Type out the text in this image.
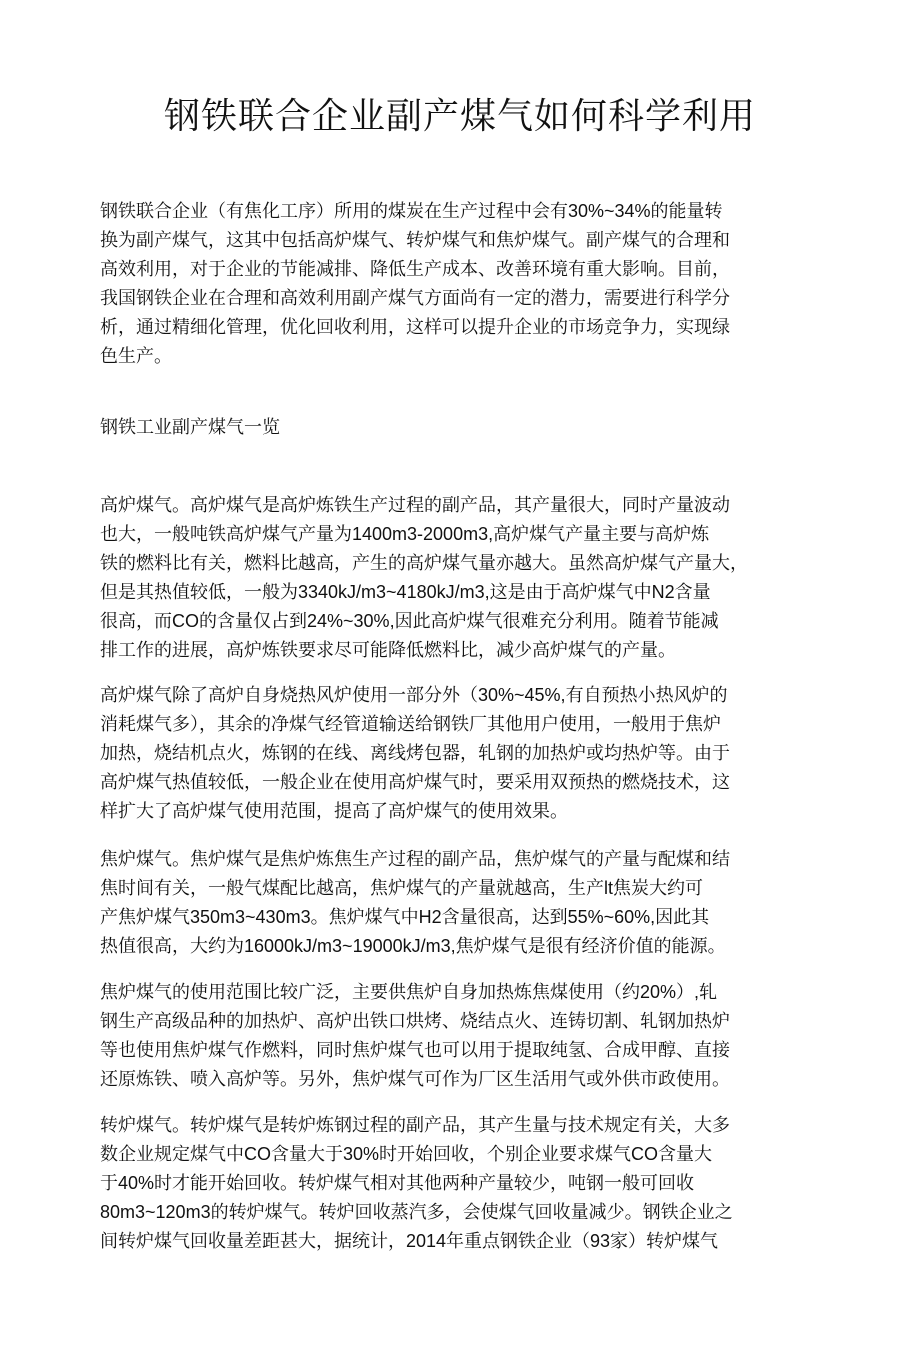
钢铁联合企业副产煤气如何科学利用
钢铁联合企业（有焦化工序）所用的煤炭在生产过程中会有30%~34%的能量转
换为副产煤气，这其中包括高炉煤气、转炉煤气和焦炉煤气。副产煤气的合理和
高效利用，对于企业的节能减排、降低生产成本、改善环境有重大影响。目前，
我国钢铁企业在合理和高效利用副产煤气方面尚有一定的潜力，需要进行科学分
析，通过精细化管理，优化回收利用，这样可以提升企业的市场竞争力，实现绿
色生产。
钢铁工业副产煤气一览
高炉煤气。高炉煤气是高炉炼铁生产过程的副产品，其产量很大，同时产量波动
也大，一般吨铁高炉煤气产量为1400m3-2000m3,高炉煤气产量主要与高炉炼
铁的燃料比有关，燃料比越高，产生的高炉煤气量亦越大。虽然高炉煤气产量大，
但是其热值较低，一般为3340kJ/m3~4180kJ/m3,这是由于高炉煤气中N2含量
很高，而CO的含量仅占到24%~30%,因此高炉煤气很难充分利用。随着节能减
排工作的进展，高炉炼铁要求尽可能降低燃料比，减少高炉煤气的产量。
高炉煤气除了高炉自身烧热风炉使用一部分外（30%~45%,有自预热小热风炉的
消耗煤气多），其余的净煤气经管道输送给钢铁厂其他用户使用，一般用于焦炉
加热，烧结机点火，炼钢的在线、离线烤包器，轧钢的加热炉或均热炉等。由于
高炉煤气热值较低，一般企业在使用高炉煤气时，要采用双预热的燃烧技术，这
样扩大了高炉煤气使用范围，提高了高炉煤气的使用效果。
焦炉煤气。焦炉煤气是焦炉炼焦生产过程的副产品，焦炉煤气的产量与配煤和结
焦时间有关，一般气煤配比越高，焦炉煤气的产量就越高，生产lt焦炭大约可
产焦炉煤气350m3~430m3。焦炉煤气中H2含量很高，达到55%~60%,因此其
热值很高，大约为16000kJ/m3~19000kJ/m3,焦炉煤气是很有经济价值的能源。
焦炉煤气的使用范围比较广泛，主要供焦炉自身加热炼焦煤使用（约20%）,轧
钢生产高级品种的加热炉、高炉出铁口烘烤、烧结点火、连铸切割、轧钢加热炉
等也使用焦炉煤气作燃料，同时焦炉煤气也可以用于提取纯氢、合成甲醇、直接
还原炼铁、喷入高炉等。另外，焦炉煤气可作为厂区生活用气或外供市政使用。
转炉煤气。转炉煤气是转炉炼钢过程的副产品，其产生量与技术规定有关，大多
数企业规定煤气中CO含量大于30%时开始回收，个别企业要求煤气CO含量大
于40%时才能开始回收。转炉煤气相对其他两种产量较少，吨钢一般可回收
80m3~120m3的转炉煤气。转炉回收蒸汽多，会使煤气回收量减少。钢铁企业之
间转炉煤气回收量差距甚大，据统计，2014年重点钢铁企业（93家）转炉煤气
